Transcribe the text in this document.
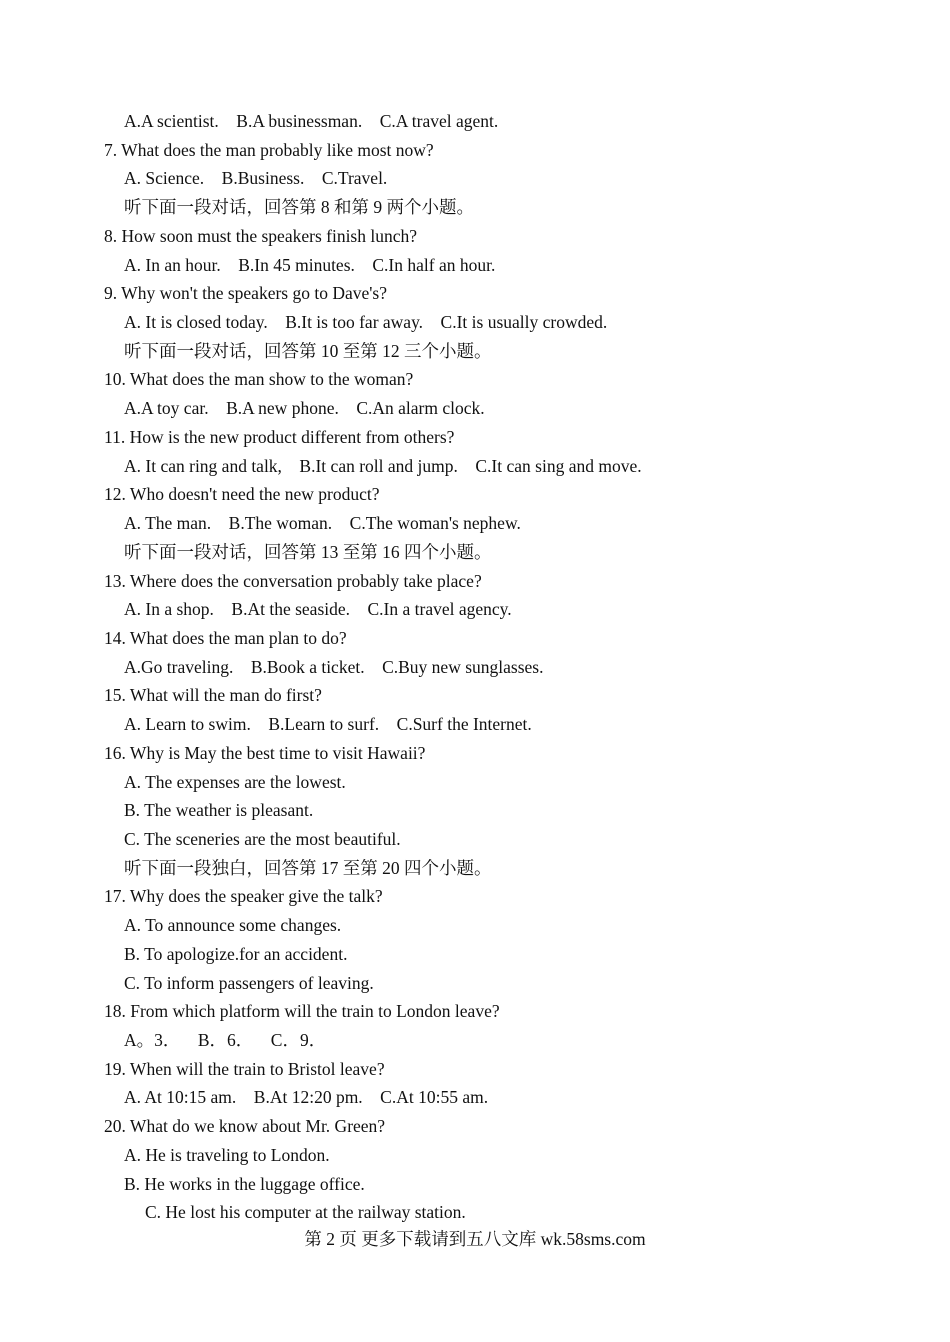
A.A scientist.    B.A businessman.    C.A travel agent.
7. What does the man probably like most now?
A. Science.    B.Business.    C.Travel.
听下面一段对话，回答第 8 和第 9 两个小题。
8. How soon must the speakers finish lunch?
A. In an hour.    B.In 45 minutes.    C.In half an hour.
9. Why won't the speakers go to Dave's?
A. It is closed today.    B.It is too far away.    C.It is usually crowded.
听下面一段对话，回答第 10 至第 12 三个小题。
10. What does the man show to the woman?
A.A toy car.    B.A new phone.    C.An alarm clock.
11. How is the new product different from others?
A. It can ring and talk,    B.It can roll and jump.    C.It can sing and move.
12. Who doesn't need the new product?
A. The man.    B.The woman.    C.The woman's nephew.
听下面一段对话，回答第 13 至第 16 四个小题。
13. Where does the conversation probably take place?
A. In a shop.    B.At the seaside.    C.In a travel agency.
14. What does the man plan to do?
A.Go traveling.    B.Book a ticket.    C.Buy new sunglasses.
15. What will the man do first?
A. Learn to swim.    B.Learn to surf.    C.Surf the Internet.
16. Why is May the best time to visit Hawaii?
A. The expenses are the lowest.
B. The weather is pleasant.
C. The sceneries are the most beautiful.
听下面一段独白，回答第 17 至第 20 四个小题。
17. Why does the speaker give the talk?
A. To announce some changes.
B. To apologize.for an accident.
C. To inform passengers of leaving.
18. From which platform will the train to London leave?
A。3．    B．6．    C．9．
19. When will the train to Bristol leave?
A. At 10:15 am.    B.At 12:20 pm.    C.At 10:55 am.
20. What do we know about Mr. Green?
A. He is traveling to London.
B. He works in the luggage office.
C. He lost his computer at the railway station.
第 2 页 更多下载请到五八文库 wk.58sms.com
